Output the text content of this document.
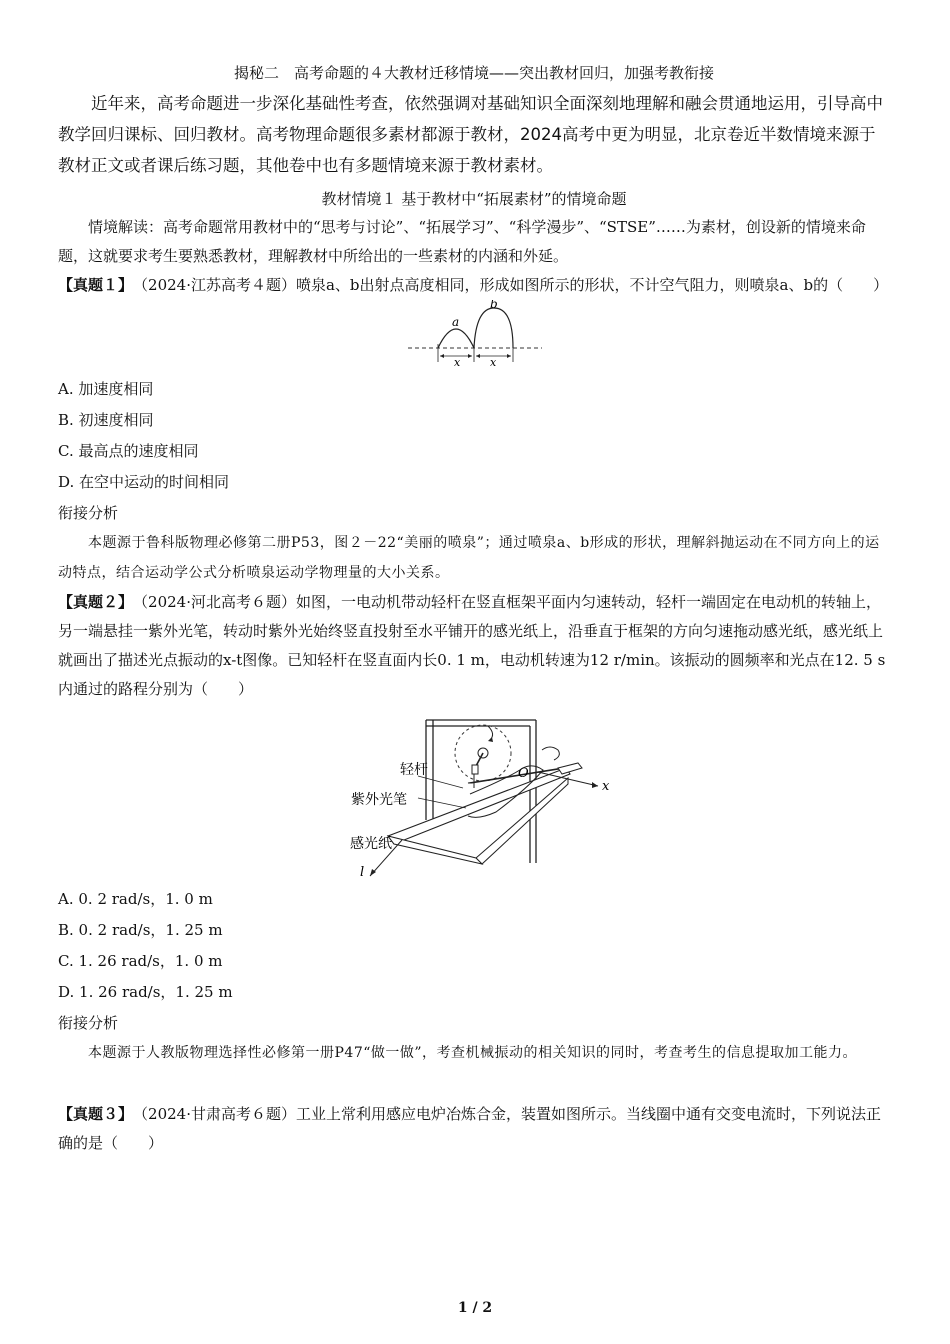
揭秘二　高考命题的４大教材迁移情境——突出教材回归，加强考教衔接

近年来，高考命题进一步深化基础性考查，依然强调对基础知识全面深刻地理解和融会贯通地运用，引导高中教学回归课标、回归教材。高考物理命题很多素材都源于教材，2024高考中更为明显，北京卷近半数情境来源于教材正文或者课后练习题，其他卷中也有多题情境来源于教材素材。

教材情境１ 基于教材中“拓展素材”的情境命题

情境解读：高考命题常用教材中的“思考与讨论”、“拓展学习”、“科学漫步”、“STSE”……为素材，创设新的情境来命题，这就要求考生要熟悉教材，理解教材中所给出的一些素材的内涵和外延。

【真题１】　 （2024·江苏高考４题）喷泉a、b出射点高度相同，形成如图所示的形状，不计空气阻力，则喷泉a、b的（　　）

a
b
x	x

A. 加速度相同

B. 初速度相同

C. 最高点的速度相同

D. 在空中运动的时间相同

衔接分析

本题源于鲁科版物理必修第二册P53，图２－22“美丽的喷泉”；通过喷泉a、b形成的形状，理解斜抛运动在不同方向上的运动特点，结合运动学公式分析喷泉运动学物理量的大小关系。

【真题２】　 （2024·河北高考６题）如图，一电动机带动轻杆在竖直框架平面内匀速转动，轻杆一端固定在电动机的转轴上，另一端悬挂一紫外光笔，转动时紫外光始终竖直投射至水平铺开的感光纸上，沿垂直于框架的方向匀速拖动感光纸，感光纸上就画出了描述光点振动的x-t图像。已知轻杆在竖直面内长0. 1 m，电动机转速为12 r/min。该振动的圆频率和光点在12. 5 s内通过的路程分别为（　　）

轻杆
紫外光笔
感光纸
O
x
l

A. 0. 2 rad/s，1. 0 m

B. 0. 2 rad/s，1. 25 m

C. 1. 26 rad/s，1. 0 m

D. 1. 26 rad/s，1. 25 m

衔接分析

本题源于人教版物理选择性必修第一册P47“做一做”，考查机械振动的相关知识的同时，考查考生的信息提取加工能力。

【真题３】　 （2024·甘肃高考６题）工业上常利用感应电炉冶炼合金，装置如图所示。当线圈中通有交变电流时，下列说法正确的是（　　）

1 / 2
